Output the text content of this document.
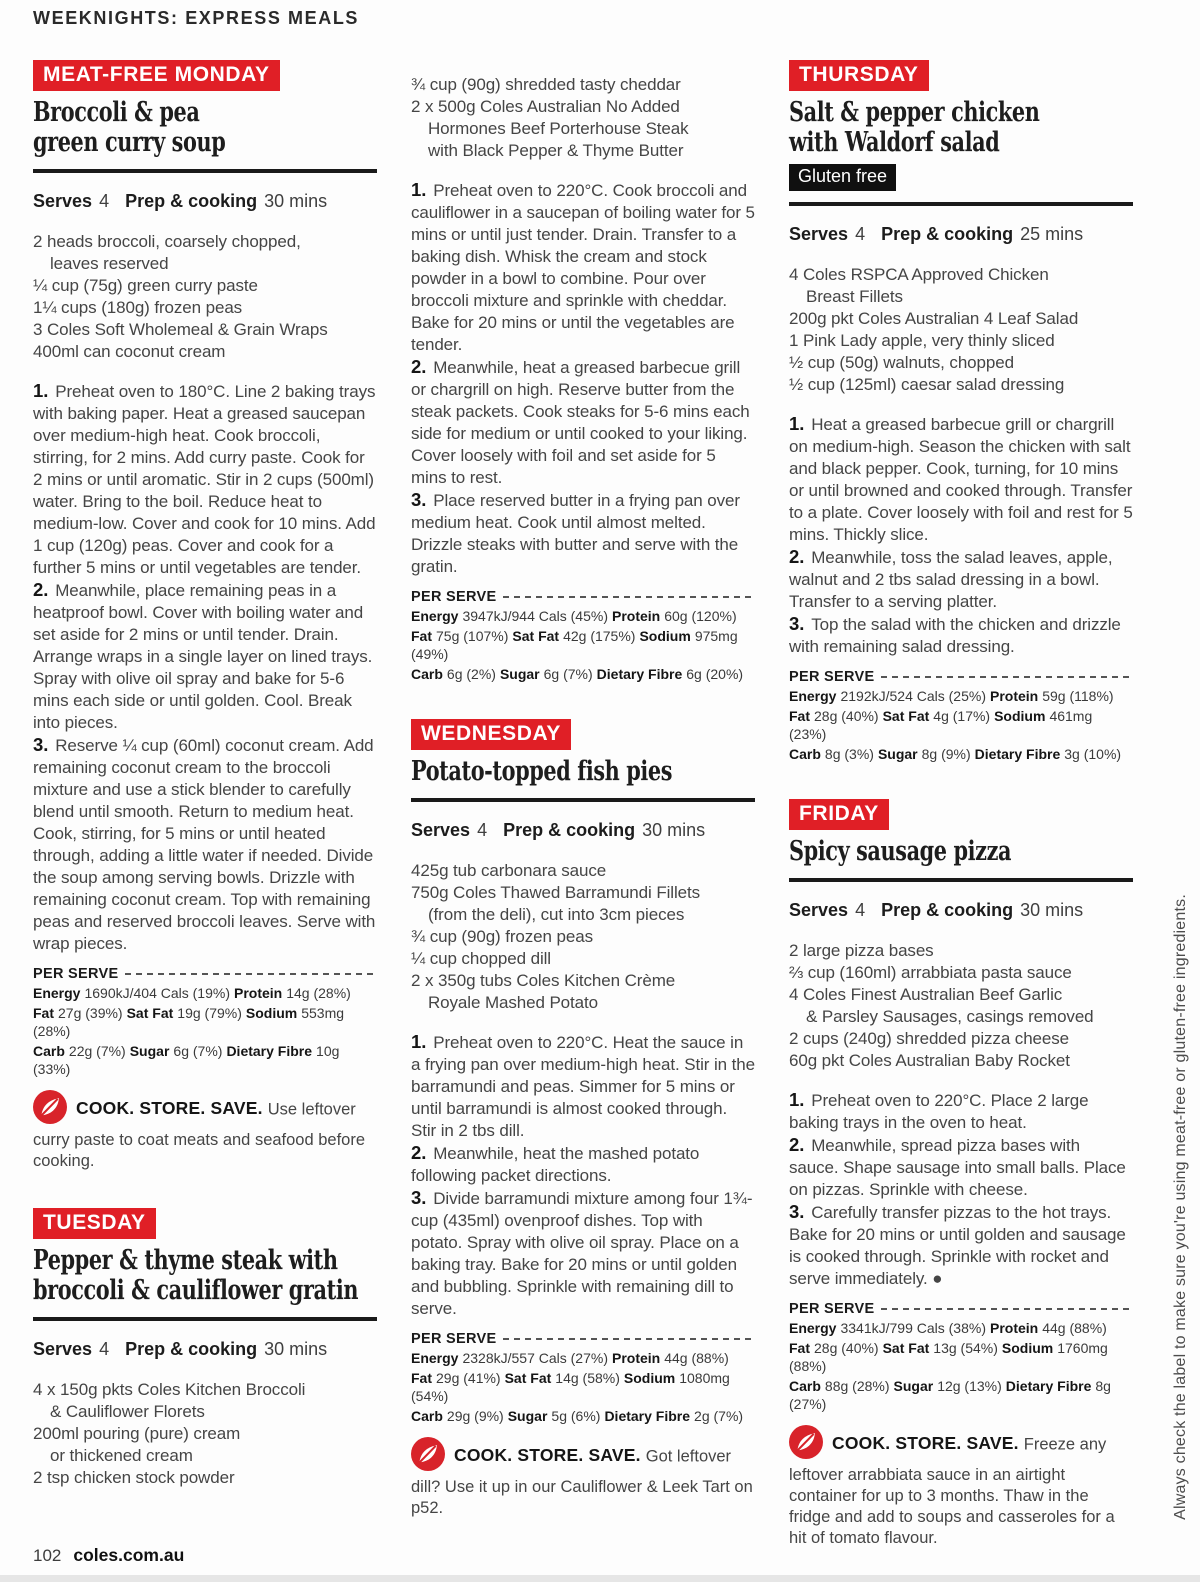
WEEKNIGHTS: EXPRESS MEALS
MEAT-FREE MONDAY
Broccoli & pea
green curry soup

Serves 4 Prep & cooking 30 mins

2 heads broccoli, coarsely chopped,

leaves reserved

¼ cup (75g) green curry paste

1¼ cups (180g) frozen peas

3 Coles Soft Wholemeal & Grain Wraps

400ml can coconut cream

1. Preheat oven to 180°C. Line 2 baking trays with baking paper. Heat a greased saucepan over medium-high heat. Cook broccoli, stirring, for 2 mins. Add curry paste. Cook for 2 mins or until aromatic. Stir in 2 cups (500ml) water. Bring to the boil. Reduce heat to medium-low. Cover and cook for 10 mins. Add 1 cup (120g) peas. Cover and cook for a further 5 mins or until vegetables are tender.

2. Meanwhile, place remaining peas in a heatproof bowl. Cover with boiling water and set aside for 2 mins or until tender. Drain. Arrange wraps in a single layer on lined trays. Spray with olive oil spray and bake for 5-6 mins each side or until golden. Cool. Break into pieces.

3. Reserve ¼ cup (60ml) coconut cream. Add remaining coconut cream to the broccoli mixture and use a stick blender to carefully blend until smooth. Return to medium heat. Cook, stirring, for 5 mins or until heated through, adding a little water if needed. Divide the soup among serving bowls. Drizzle with remaining coconut cream. Top with remaining peas and reserved broccoli leaves. Serve with wrap pieces.

PER SERVE

Energy 1690kJ/404 Cals (19%) Protein 14g (28%)

Fat 27g (39%) Sat Fat 19g (79%) Sodium 553mg (28%)

Carb 22g (7%) Sugar 6g (7%) Dietary Fibre 10g (33%)

COOK. STORE. SAVE. Use leftover curry paste to coat meats and seafood before cooking.

TUESDAY
Pepper & thyme steak with
broccoli & cauliflower gratin

Serves 4 Prep & cooking 30 mins

4 x 150g pkts Coles Kitchen Broccoli

& Cauliflower Florets

200ml pouring (pure) cream

or thickened cream

2 tsp chicken stock powder

¾ cup (90g) shredded tasty cheddar

2 x 500g Coles Australian No Added

Hormones Beef Porterhouse Steak

with Black Pepper & Thyme Butter

1. Preheat oven to 220°C. Cook broccoli and cauliflower in a saucepan of boiling water for 5 mins or until just tender. Drain. Transfer to a baking dish. Whisk the cream and stock powder in a bowl to combine. Pour over broccoli mixture and sprinkle with cheddar. Bake for 20 mins or until the vegetables are tender.

2. Meanwhile, heat a greased barbecue grill or chargrill on high. Reserve butter from the steak packets. Cook steaks for 5-6 mins each side for medium or until cooked to your liking. Cover loosely with foil and set aside for 5 mins to rest.

3. Place reserved butter in a frying pan over medium heat. Cook until almost melted. Drizzle steaks with butter and serve with the gratin.

PER SERVE

Energy 3947kJ/944 Cals (45%) Protein 60g (120%)

Fat 75g (107%) Sat Fat 42g (175%) Sodium 975mg (49%)

Carb 6g (2%) Sugar 6g (7%) Dietary Fibre 6g (20%)

WEDNESDAY
Potato-topped fish pies

Serves 4 Prep & cooking 30 mins

425g tub carbonara sauce

750g Coles Thawed Barramundi Fillets

(from the deli), cut into 3cm pieces

¾ cup (90g) frozen peas

¼ cup chopped dill

2 x 350g tubs Coles Kitchen Crème

Royale Mashed Potato

1. Preheat oven to 220°C. Heat the sauce in a frying pan over medium-high heat. Stir in the barramundi and peas. Simmer for 5 mins or until barramundi is almost cooked through. Stir in 2 tbs dill.

2. Meanwhile, heat the mashed potato following packet directions.

3. Divide barramundi mixture among four 1¾-cup (435ml) ovenproof dishes. Top with potato. Spray with olive oil spray. Place on a baking tray. Bake for 20 mins or until golden and bubbling. Sprinkle with remaining dill to serve.

PER SERVE

Energy 2328kJ/557 Cals (27%) Protein 44g (88%)

Fat 29g (41%) Sat Fat 14g (58%) Sodium 1080mg (54%)

Carb 29g (9%) Sugar 5g (6%) Dietary Fibre 2g (7%)

COOK. STORE. SAVE. Got leftover dill? Use it up in our Cauliflower & Leek Tart on p52.

THURSDAY
Salt & pepper chicken
with Waldorf salad
Gluten free

Serves 4 Prep & cooking 25 mins

4 Coles RSPCA Approved Chicken

Breast Fillets

200g pkt Coles Australian 4 Leaf Salad

1 Pink Lady apple, very thinly sliced

½ cup (50g) walnuts, chopped

½ cup (125ml) caesar salad dressing

1. Heat a greased barbecue grill or chargrill on medium-high. Season the chicken with salt and black pepper. Cook, turning, for 10 mins or until browned and cooked through. Transfer to a plate. Cover loosely with foil and rest for 5 mins. Thickly slice.

2. Meanwhile, toss the salad leaves, apple, walnut and 2 tbs salad dressing in a bowl. Transfer to a serving platter.

3. Top the salad with the chicken and drizzle with remaining salad dressing.

PER SERVE

Energy 2192kJ/524 Cals (25%) Protein 59g (118%)

Fat 28g (40%) Sat Fat 4g (17%) Sodium 461mg (23%)

Carb 8g (3%) Sugar 8g (9%) Dietary Fibre 3g (10%)

FRIDAY
Spicy sausage pizza

Serves 4 Prep & cooking 30 mins

2 large pizza bases

⅔ cup (160ml) arrabbiata pasta sauce

4 Coles Finest Australian Beef Garlic

& Parsley Sausages, casings removed

2 cups (240g) shredded pizza cheese

60g pkt Coles Australian Baby Rocket

1. Preheat oven to 220°C. Place 2 large baking trays in the oven to heat.

2. Meanwhile, spread pizza bases with sauce. Shape sausage into small balls. Place on pizzas. Sprinkle with cheese.

3. Carefully transfer pizzas to the hot trays. Bake for 20 mins or until golden and sausage is cooked through. Sprinkle with rocket and serve immediately. ●

PER SERVE

Energy 3341kJ/799 Cals (38%) Protein 44g (88%)

Fat 28g (40%) Sat Fat 13g (54%) Sodium 1760mg (88%)

Carb 88g (28%) Sugar 12g (13%) Dietary Fibre 8g (27%)

COOK. STORE. SAVE. Freeze any leftover arrabbiata sauce in an airtight container for up to 3 months. Thaw in the fridge and add to soups and casseroles for a hit of tomato flavour.

Always check the label to make sure you're using meat-free or gluten-free ingredients.
102 coles.com.au
